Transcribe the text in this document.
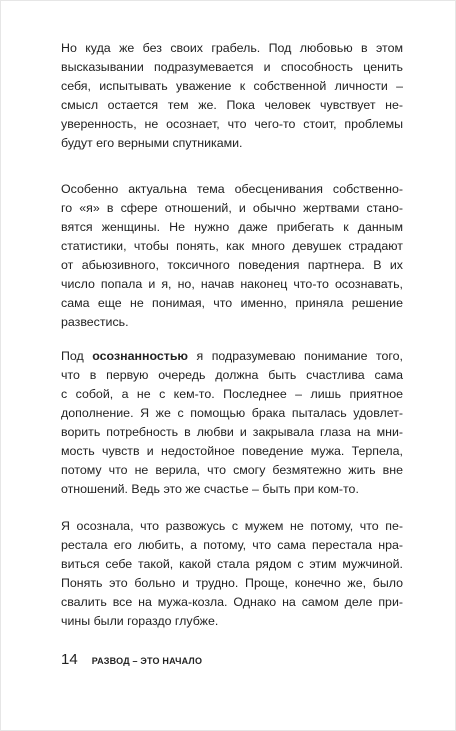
Но куда же без своих грабель. Под любовью в этом
высказывании подразумевается и способность ценить
себя, испытывать уважение к собственной личности –
смысл остается тем же. Пока человек чувствует не-
уверенность, не осознает, что чего-то стоит, проблемы
будут его верными спутниками.
Особенно актуальна тема обесценивания собственно-
го «я» в сфере отношений, и обычно жертвами стано-
вятся женщины. Не нужно даже прибегать к данным
статистики, чтобы понять, как много девушек страдают
от абьюзивного, токсичного поведения партнера. В их
число попала и я, но, начав наконец что-то осознавать,
сама еще не понимая, что именно, приняла решение
развестись.
Под осознанностью я подразумеваю понимание того,
что в первую очередь должна быть счастлива сама
с собой, а не с кем-то. Последнее – лишь приятное
дополнение. Я же с помощью брака пыталась удовлет-
ворить потребность в любви и закрывала глаза на мни-
мость чувств и недостойное поведение мужа. Терпела,
потому что не верила, что смогу безмятежно жить вне
отношений. Ведь это же счастье – быть при ком-то.
Я осознала, что развожусь с мужем не потому, что пе-
рестала его любить, а потому, что сама перестала нра-
виться себе такой, какой стала рядом с этим мужчиной.
Понять это больно и трудно. Проще, конечно же, было
свалить все на мужа-козла. Однако на самом деле при-
чины были гораздо глубже.
14 РАЗВОД – ЭТО НАЧАЛО
